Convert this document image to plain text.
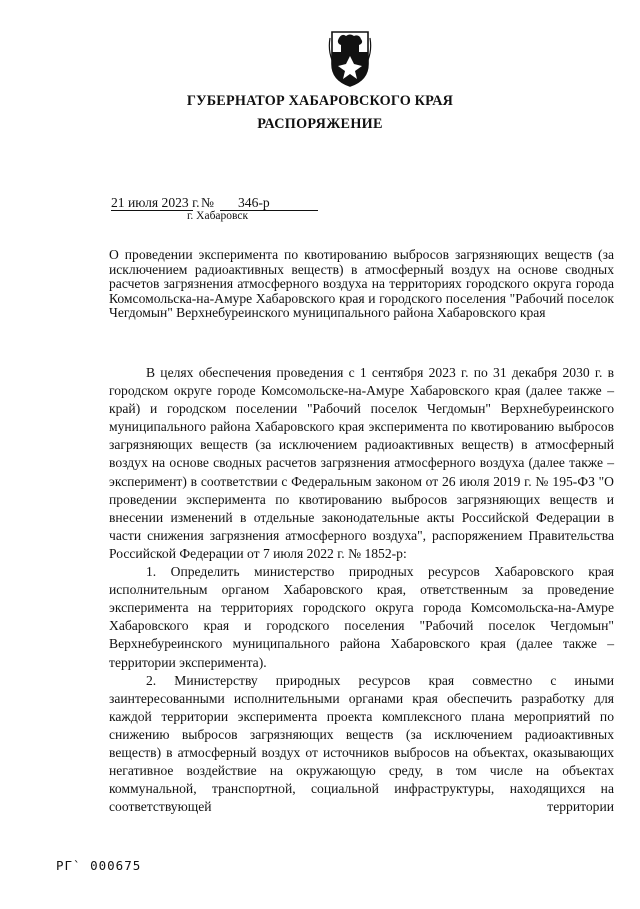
ГУБЕРНАТОР ХАБАРОВСКОГО КРАЯ
РАСПОРЯЖЕНИЕ
21 июля 2023 г.№ 346-р
г. Хабаровск
О проведении эксперимента по квотированию выбросов загрязняющих веществ (за исключением радиоактивных веществ) в атмосферный воздух на основе сводных расчетов загрязнения атмосферного воздуха на территориях городского округа города Комсомольска-на-Амуре Хабаровского края и городского поселения "Рабочий поселок Чегдомын" Верхнебуреинского муниципального района Хабаровского края

В целях обеспечения проведения с 1 сентября 2023 г. по 31 декабря 2030 г. в городском округе городе Комсомольске-на-Амуре Хабаровского края (далее также – край) и городском поселении "Рабочий поселок Чегдомын" Верхнебуреинского муниципального района Хабаровского края эксперимента по квотированию выбросов загрязняющих веществ (за исключением радиоактивных веществ) в атмосферный воздух на основе сводных расчетов загрязнения атмосферного воздуха (далее также – эксперимент) в соответствии с Федеральным законом от 26 июля 2019 г. № 195-ФЗ "О проведении эксперимента по квотированию выбросов загрязняющих веществ и внесении изменений в отдельные законодательные акты Российской Федерации в части снижения загрязнения атмосферного воздуха", распоряжением Правительства Российской Федерации от 7 июля 2022 г. № 1852-р:

1. Определить министерство природных ресурсов Хабаровского края исполнительным органом Хабаровского края, ответственным за проведение эксперимента на территориях городского округа города Комсомольска-на-Амуре Хабаровского края и городского поселения "Рабочий поселок Чегдомын" Верхнебуреинского муниципального района Хабаровского края (далее также – территории эксперимента).

2. Министерству природных ресурсов края совместно с иными заинтересованными исполнительными органами края обеспечить разработку для каждой территории эксперимента проекта комплексного плана мероприятий по снижению выбросов загрязняющих веществ (за исключением радиоактивных веществ) в атмосферный воздух от источников выбросов на объектах, оказывающих негативное воздействие на окружающую среду, в том числе на объектах коммунальной, транспортной, социальной инфраструктуры, находящихся на соответствующей территории

РГ` 000675
